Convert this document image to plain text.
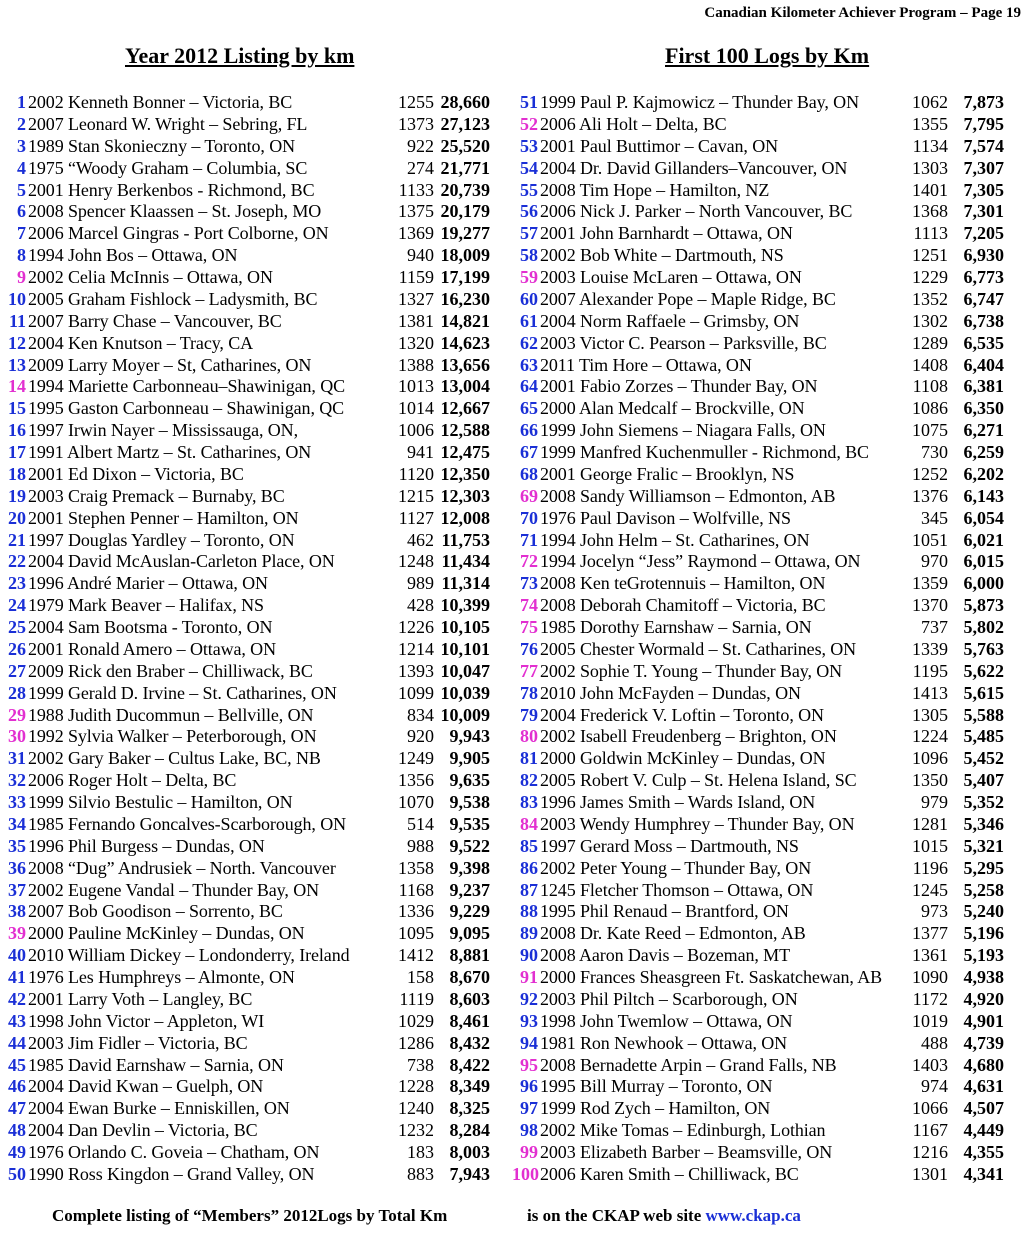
Canadian Kilometer Achiever Program – Page 19
Year 2012 Listing by km	First 100 Logs by Km
1 2002 Kenneth Bonner – Victoria, BC	1255 28,660
2 2007 Leonard W. Wright – Sebring, FL	1373 27,123
3 1989 Stan Skonieczny – Toronto, ON	922 25,520
4 1975 “Woody Graham – Columbia, SC	274 21,771
5 2001 Henry Berkenbos - Richmond, BC	1133 20,739
6 2008 Spencer Klaassen – St. Joseph, MO	1375 20,179
7 2006 Marcel Gingras - Port Colborne, ON	1369 19,277
8 1994 John Bos – Ottawa, ON	940 18,009
9 2002 Celia McInnis – Ottawa, ON	1159 17,199
10 2005 Graham Fishlock – Ladysmith, BC	1327 16,230
11 2007 Barry Chase – Vancouver, BC	1381 14,821
12 2004 Ken Knutson – Tracy, CA	1320 14,623
13 2009 Larry Moyer – St, Catharines, ON	1388 13,656
14 1994 Mariette Carbonneau–Shawinigan, QC	1013 13,004
15 1995 Gaston Carbonneau – Shawinigan, QC	1014 12,667
16 1997 Irwin Nayer – Mississauga, ON,	1006 12,588
17 1991 Albert Martz – St. Catharines, ON	941 12,475
18 2001 Ed Dixon – Victoria, BC	1120 12,350
19 2003 Craig Premack – Burnaby, BC	1215 12,303
20 2001 Stephen Penner – Hamilton, ON	1127 12,008
21 1997 Douglas Yardley – Toronto, ON	462 11,753
22 2004 David McAuslan-Carleton Place, ON	1248 11,434
23 1996 André Marier – Ottawa, ON	989 11,314
24 1979 Mark Beaver – Halifax, NS	428 10,399
25 2004 Sam Bootsma - Toronto, ON	1226 10,105
26 2001 Ronald Amero – Ottawa, ON	1214 10,101
27 2009 Rick den Braber – Chilliwack, BC	1393 10,047
28 1999 Gerald D. Irvine – St. Catharines, ON	1099 10,039
29 1988 Judith Ducommun – Bellville, ON	834 10,009
30 1992 Sylvia Walker – Peterborough, ON	920 9,943
31 2002 Gary Baker – Cultus Lake, BC, NB	1249 9,905
32 2006 Roger Holt – Delta, BC	1356 9,635
33 1999 Silvio Bestulic – Hamilton, ON	1070 9,538
34 1985 Fernando Goncalves-Scarborough, ON	514 9,535
35 1996 Phil Burgess – Dundas, ON	988 9,522
36 2008 “Dug” Andrusiek – North. Vancouver	1358 9,398
37 2002 Eugene Vandal – Thunder Bay, ON	1168 9,237
38 2007 Bob Goodison – Sorrento, BC	1336 9,229
39 2000 Pauline McKinley – Dundas, ON	1095 9,095
40 2010 William Dickey – Londonderry, Ireland	1412 8,881
41 1976 Les Humphreys – Almonte, ON	158 8,670
42 2001 Larry Voth – Langley, BC	1119 8,603
43 1998 John Victor – Appleton, WI	1029 8,461
44 2003 Jim Fidler – Victoria, BC	1286 8,432
45 1985 David Earnshaw – Sarnia, ON	738 8,422
46 2004 David Kwan – Guelph, ON	1228 8,349
47 2004 Ewan Burke – Enniskillen, ON	1240 8,325
48 2004 Dan Devlin – Victoria, BC	1232 8,284
49 1976 Orlando C. Goveia – Chatham, ON	183 8,003
50 1990 Ross Kingdon – Grand Valley, ON	883 7,943
51 1999 Paul P. Kajmowicz – Thunder Bay, ON	1062 7,873
52 2006 Ali Holt – Delta, BC	1355 7,795
53 2001 Paul Buttimor – Cavan, ON	1134 7,574
54 2004 Dr. David Gillanders–Vancouver, ON	1303 7,307
55 2008 Tim Hope – Hamilton, NZ	1401 7,305
56 2006 Nick J. Parker – North Vancouver, BC	1368 7,301
57 2001 John Barnhardt – Ottawa, ON	1113 7,205
58 2002 Bob White – Dartmouth, NS	1251 6,930
59 2003 Louise McLaren – Ottawa, ON	1229 6,773
60 2007 Alexander Pope – Maple Ridge, BC	1352 6,747
61 2004 Norm Raffaele – Grimsby, ON	1302 6,738
62 2003 Victor C. Pearson – Parksville, BC	1289 6,535
63 2011 Tim Hore – Ottawa, ON	1408 6,404
64 2001 Fabio Zorzes – Thunder Bay, ON	1108 6,381
65 2000 Alan Medcalf – Brockville, ON	1086 6,350
66 1999 John Siemens – Niagara Falls, ON	1075 6,271
67 1999 Manfred Kuchenmuller - Richmond, BC	730 6,259
68 2001 George Fralic – Brooklyn, NS	1252 6,202
69 2008 Sandy Williamson – Edmonton, AB	1376 6,143
70 1976 Paul Davison – Wolfville, NS	345 6,054
71 1994 John Helm – St. Catharines, ON	1051 6,021
72 1994 Jocelyn “Jess” Raymond – Ottawa, ON	970 6,015
73 2008 Ken teGrotennuis – Hamilton, ON	1359 6,000
74 2008 Deborah Chamitoff – Victoria, BC	1370 5,873
75 1985 Dorothy Earnshaw – Sarnia, ON	737 5,802
76 2005 Chester Wormald – St. Catharines, ON	1339 5,763
77 2002 Sophie T. Young – Thunder Bay, ON	1195 5,622
78 2010 John McFayden – Dundas, ON	1413 5,615
79 2004 Frederick V. Loftin – Toronto, ON	1305 5,588
80 2002 Isabell Freudenberg – Brighton, ON	1224 5,485
81 2000 Goldwin McKinley – Dundas, ON	1096 5,452
82 2005 Robert V. Culp – St. Helena Island, SC	1350 5,407
83 1996 James Smith – Wards Island, ON	979 5,352
84 2003 Wendy Humphrey – Thunder Bay, ON	1281 5,346
85 1997 Gerard Moss – Dartmouth, NS	1015 5,321
86 2002 Peter Young – Thunder Bay, ON	1196 5,295
87 1245 Fletcher Thomson – Ottawa, ON	1245 5,258
88 1995 Phil Renaud – Brantford, ON	973 5,240
89 2008 Dr. Kate Reed – Edmonton, AB	1377 5,196
90 2008 Aaron Davis – Bozeman, MT	1361 5,193
91 2000 Frances Sheasgreen Ft. Saskatchewan, AB	1090 4,938
92 2003 Phil Piltch – Scarborough, ON	1172 4,920
93 1998 John Twemlow – Ottawa, ON	1019 4,901
94 1981 Ron Newhook – Ottawa, ON	488 4,739
95 2008 Bernadette Arpin – Grand Falls, NB	1403 4,680
96 1995 Bill Murray – Toronto, ON	974 4,631
97 1999 Rod Zych – Hamilton, ON	1066 4,507
98 2002 Mike Tomas – Edinburgh, Lothian	1167 4,449
99 2003 Elizabeth Barber – Beamsville, ON	1216 4,355
100 2006 Karen Smith – Chilliwack, BC	1301 4,341
Complete listing of “Members” 2012Logs by Total Km	is on the CKAP web site www.ckap.ca
